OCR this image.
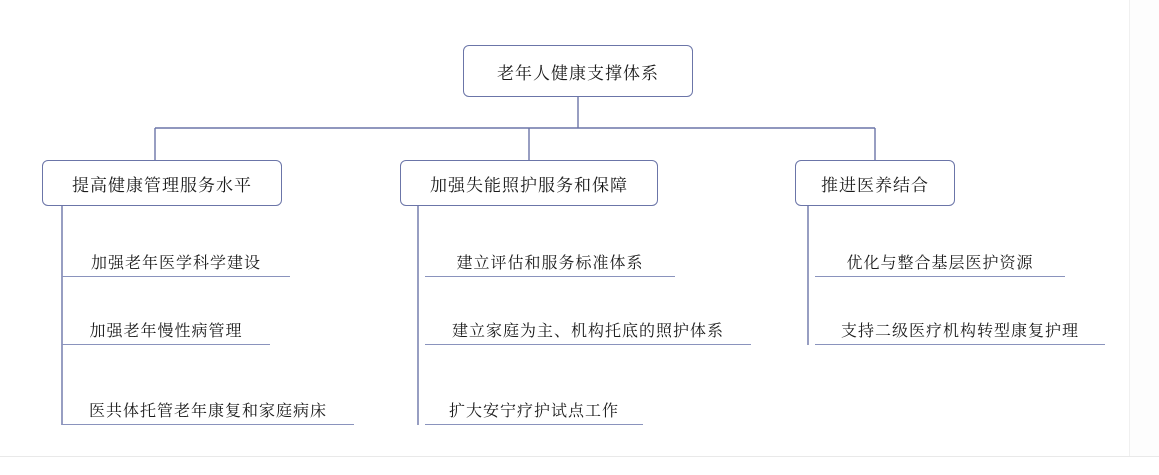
老年人健康支撑体系
提高健康管理服务水平
加强老年医学科学建设
加强老年慢性病管理
医共体托管老年康复和家庭病床
加强失能照护服务和保障
建立评估和服务标准体系
建立家庭为主、机构托底的照护体系
扩大安宁疗护试点工作
推进医养结合
优化与整合基层医护资源
支持二级医疗机构转型康复护理
